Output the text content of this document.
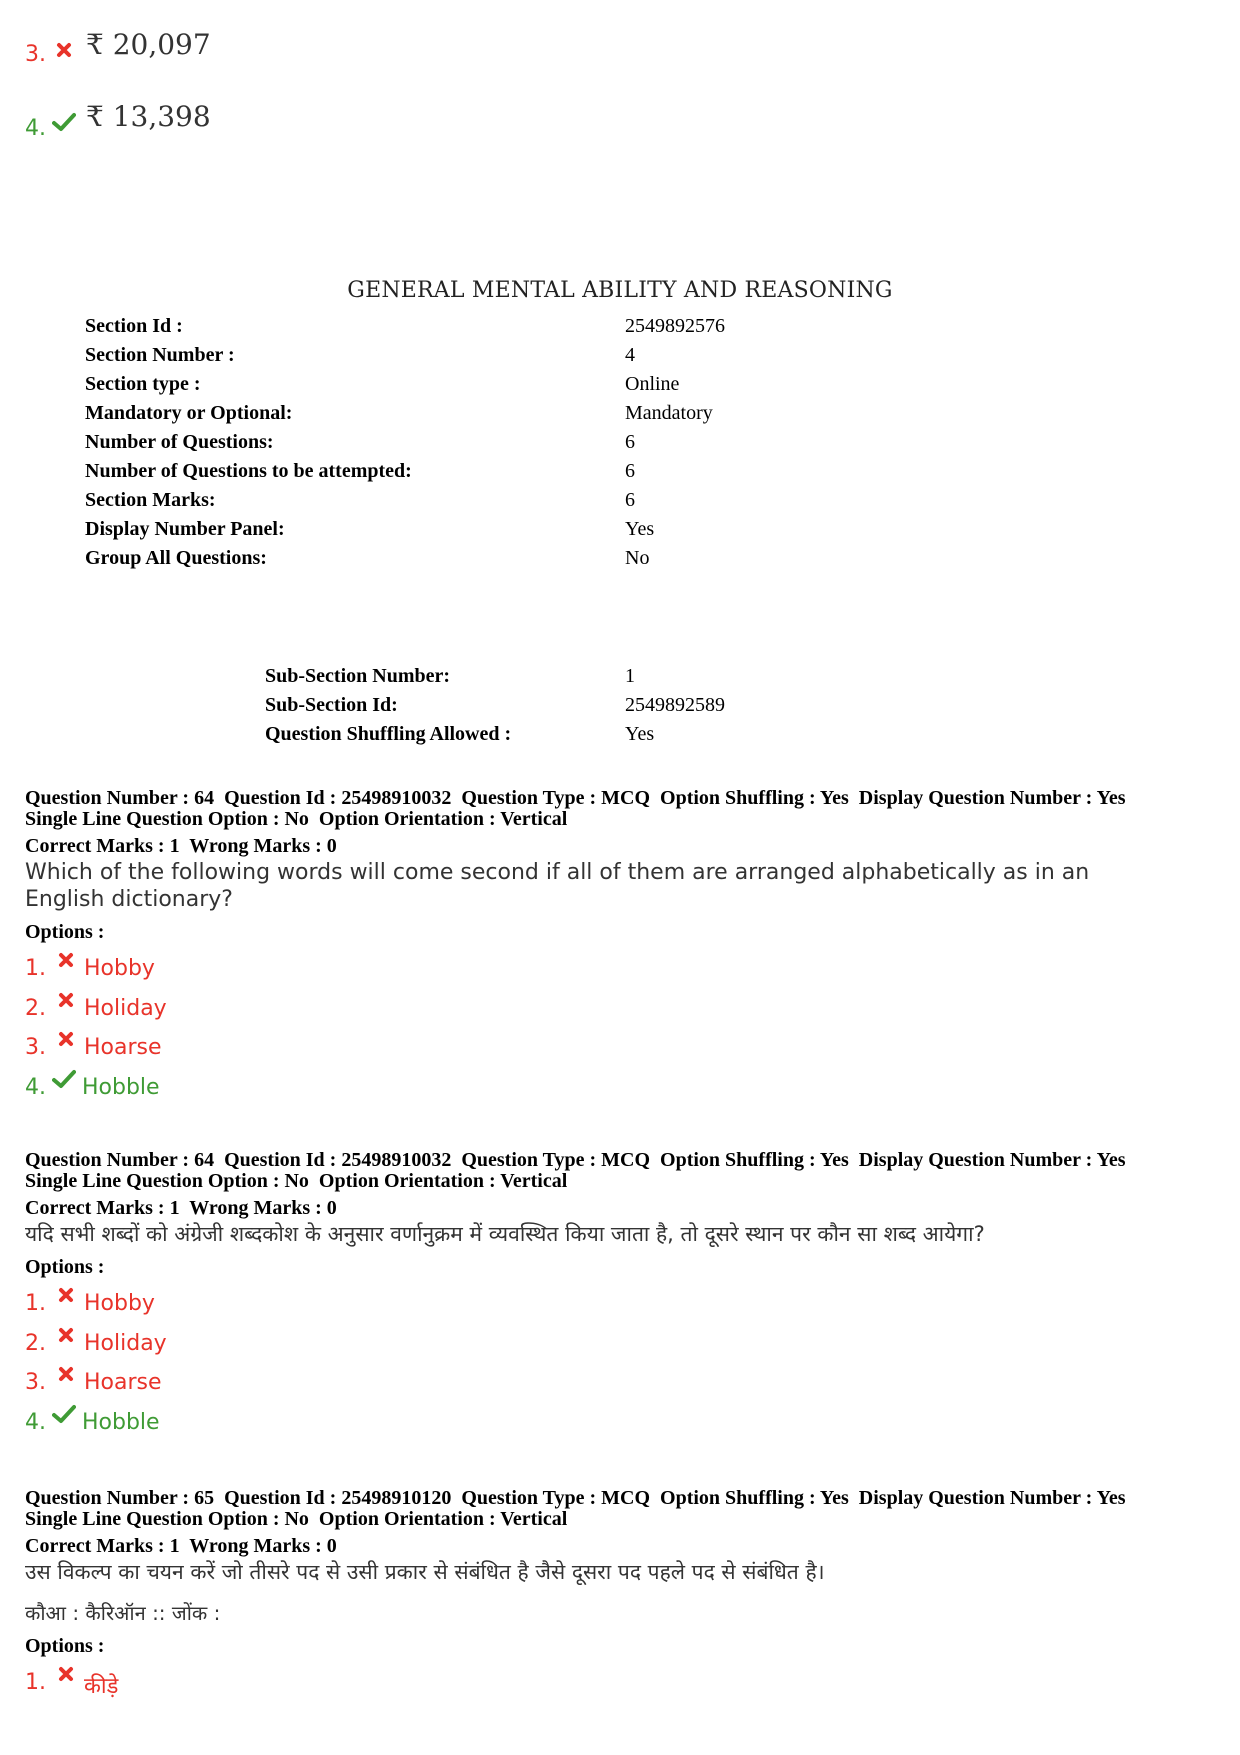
3. ₹ 20,097
4. ₹ 13,398
GENERAL MENTAL ABILITY AND REASONING
Section Id :	2549892576
Section Number :	4
Section type :	Online
Mandatory or Optional:	Mandatory
Number of Questions:	6
Number of Questions to be attempted:	6
Section Marks:	6
Display Number Panel:	Yes
Group All Questions:	No
Sub-Section Number:	1
Sub-Section Id:	2549892589
Question Shuffling Allowed :	Yes
Question Number : 64  Question Id : 25498910032  Question Type : MCQ  Option Shuffling : Yes  Display Question Number : Yes
Single Line Question Option : No  Option Orientation : Vertical
Correct Marks : 1  Wrong Marks : 0
Which of the following words will come second if all of them are arranged alphabetically as in an English dictionary?
Options :
1. Hobby
2. Holiday
3. Hoarse
4. Hobble
Question Number : 64  Question Id : 25498910032  Question Type : MCQ  Option Shuffling : Yes  Display Question Number : Yes
Single Line Question Option : No  Option Orientation : Vertical
Correct Marks : 1  Wrong Marks : 0
यदि सभी शब्दों को अंग्रेजी शब्दकोश के अनुसार वर्णानुक्रम में व्यवस्थित किया जाता है, तो दूसरे स्थान पर कौन सा शब्द आयेगा?
Options :
1. Hobby
2. Holiday
3. Hoarse
4. Hobble
Question Number : 65  Question Id : 25498910120  Question Type : MCQ  Option Shuffling : Yes  Display Question Number : Yes
Single Line Question Option : No  Option Orientation : Vertical
Correct Marks : 1  Wrong Marks : 0
उस विकल्प का चयन करें जो तीसरे पद से उसी प्रकार से संबंधित है जैसे दूसरा पद पहले पद से संबंधित है।
कौआ : कैरिऑन :: जोंक :
Options :
1. कीड़े
